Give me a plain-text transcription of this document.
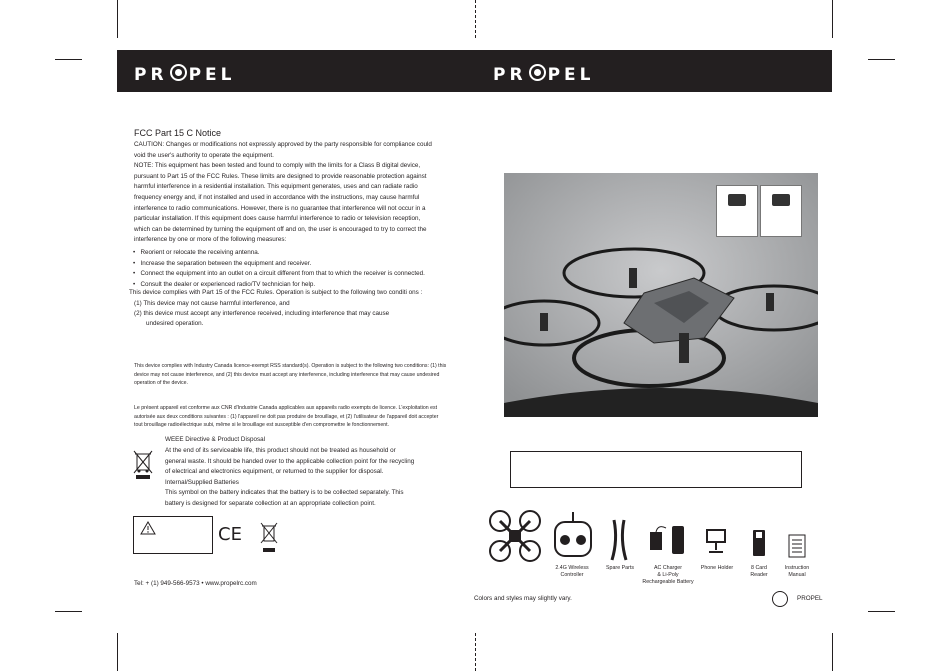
PR PEL	PR PEL
FCC Part 15 C Notice
CAUTION: Changes or modifications not expressly approved by the party responsible for compliance could
void the user's authority to operate the equipment.
NOTE: This equipment has been tested and found to comply with the limits for a Class B digital device,
pursuant to Part 15 of the FCC Rules. These limits are designed to provide reasonable protection against
harmful interference in a residential installation. This equipment generates, uses and can radiate radio
frequency energy and, if not installed and used in accordance with the instructions, may cause harmful
interference to radio communications. However, there is no guarantee that interference will not occur in a
particular installation. If this equipment does cause harmful interference to radio or television reception,
which can be determined by turning the equipment off and on, the user is encouraged to try to correct the
interference by one or more of the following measures:
•   Reorient or relocate the receiving antenna.
•   Increase the separation between the equipment and receiver.
•   Connect the equipment into an outlet on a circuit different from that to which the receiver is connected.
•   Consult the dealer or experienced radio/TV technician for help.
This device complies with Part 15 of the FCC Rules. Operation is subject to the following two conditi ons :
(1) This device may not cause harmful interference, and
(2) this device must accept any interference received, including interference that may cause
undesired operation.
This device complies with Industry Canada licence-exempt RSS standard(s). Operation is subject to the following two conditions: (1) this
device may not cause interference, and (2) this device must accept any interference, including interference that may cause undesired
operation of the device.
Le présent appareil est conforme aux CNR d'Industrie Canada applicables aux appareils radio exempts de licence. L'exploitation est
autorisée aux deux conditions suivantes : (1) l'appareil ne doit pas produire de brouillage, et (2) l'utilisateur de l'appareil doit accepter
tout brouillage radioélectrique subi, même si le brouillage est susceptible d'en compromettre le fonctionnement.
WEEE Directive & Product Disposal
At the end of its serviceable life, this product should not be treated as household or
general waste. It should be handed over to the applicable collection point for the recycling
of electrical and electronics equipment, or returned to the supplier for disposal.
Internal/Supplied Batteries
This symbol on the battery indicates that the battery is to be collected separately. This
battery is designed for separate collection at an appropriate collection point.
CE
Tel: + (1) 949-566-9573 • www.propelrc.com
2.4G Wireless
Controller
Spare Parts	AC Charger
& Li-Poly
Rechargeable Battery
Phone Holder	8 Card
Reader
Instruction
Manual
Colors and styles may slightly vary.	PROPEL
